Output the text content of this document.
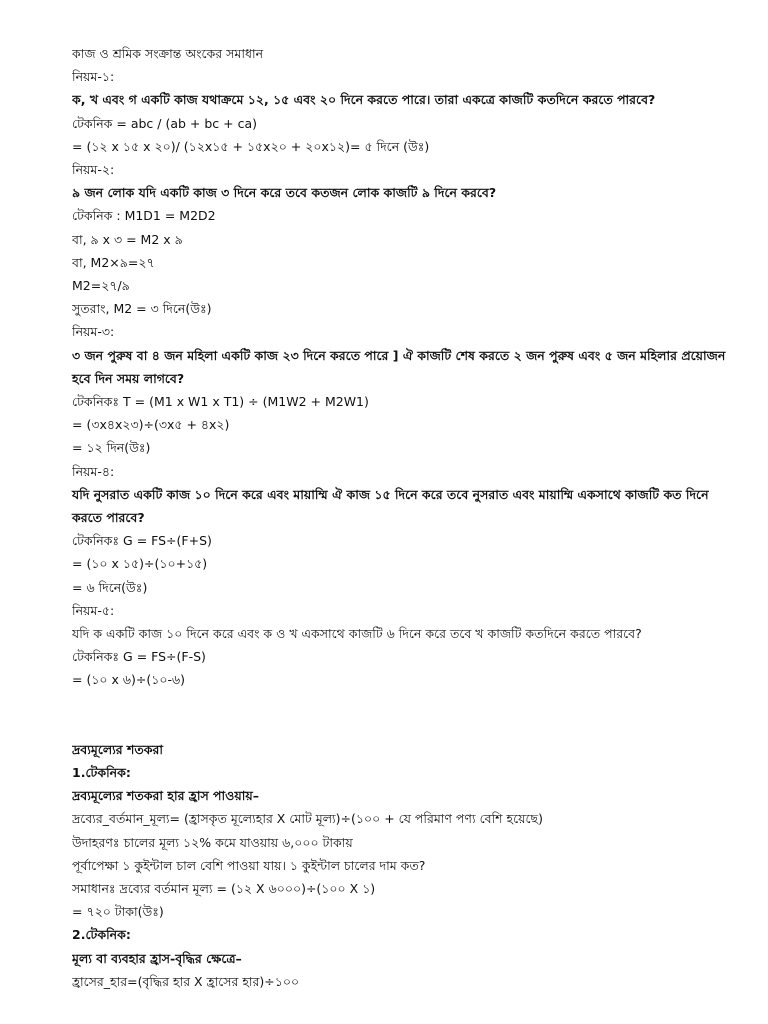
কাজ ও শ্রমিক সংক্রান্ত অংকের সমাধান
নিয়ম-১:
ক, খ এবং গ একটি কাজ যথাক্রমে ১২, ১৫ এবং ২০ দিনে করতে পারে। তারা একত্রে কাজটি কতদিনে করতে পারবে?
টেকনিক = abc / (ab + bc + ca)
= (১২ x ১৫ x ২০)/ (১২x১৫ + ১৫x২০ + ২০x১২)= ৫ দিনে (উঃ)
নিয়ম-২:
৯ জন লোক যদি একটি কাজ ৩ দিনে করে তবে কতজন লোক কাজটি ৯ দিনে করবে?
টেকনিক : M1D1 = M2D2
বা, ৯ x ৩ = M2 x ৯
বা, M2×৯=২৭
M2=২৭/৯
সুতরাং, M2 = ৩ দিনে(উঃ)
নিয়ম-৩:
৩ জন পুরুষ বা ৪ জন মহিলা একটি কাজ ২৩ দিনে করতে পারে ] ঐ কাজটি শেষ করতে ২ জন পুরুষ এবং ৫ জন মহিলার প্রয়োজন হবে দিন সময় লাগবে?
টেকনিকঃ T = (M1 x W1 x T1) ÷ (M1W2 + M2W1)
= (৩x৪x২৩)÷(৩x৫ + ৪x২)
= ১২ দিন(উঃ)
নিয়ম-৪:
যদি নুসরাত একটি কাজ ১০ দিনে করে এবং মায়াম্মি ঐ কাজ ১৫ দিনে করে তবে নুসরাত এবং মায়াম্মি একসাথে কাজটি কত দিনে করতে পারবে?
টেকনিকঃ G = FS÷(F+S)
= (১০ x ১৫)÷(১০+১৫)
= ৬ দিনে(উঃ)
নিয়ম-৫:
যদি ক একটি কাজ ১০ দিনে করে এবং ক ও খ একসাথে কাজটি ৬ দিনে করে তবে খ কাজটি কতদিনে করতে পারবে?
টেকনিকঃ G = FS÷(F-S)
= (১০ x ৬)÷(১০-৬)
দ্রব্যমূল্যের শতকরা
1.টেকনিক:
দ্রব্যমূল্যের শতকরা হার হ্রাস পাওয়ায়–
দ্রব্যের_বর্তমান_মূল্য= (হ্রাসকৃত মূল্যেহার X মোট মূল্য)÷(১০০ + যে পরিমাণ পণ্য বেশি হয়েছে)
উদাহরণঃ চালের মূল্য ১২% কমে যাওয়ায় ৬,০০০ টাকায়
পূর্বাপেক্ষা ১ কুইন্টাল চাল বেশি পাওয়া যায়। ১ কুইন্টাল চালের দাম কত?
সমাধানঃ দ্রব্যের বর্তমান মূল্য = (১২ X ৬০০০)÷(১০০ X ১)
= ৭২০ টাকা(উঃ)
2.টেকনিক:
মূল্য বা ব্যবহার হ্রাস-বৃদ্ধির ক্ষেত্রে–
হ্রাসের_হার=(বৃদ্ধির হার X হ্রাসের হার)÷১০০
